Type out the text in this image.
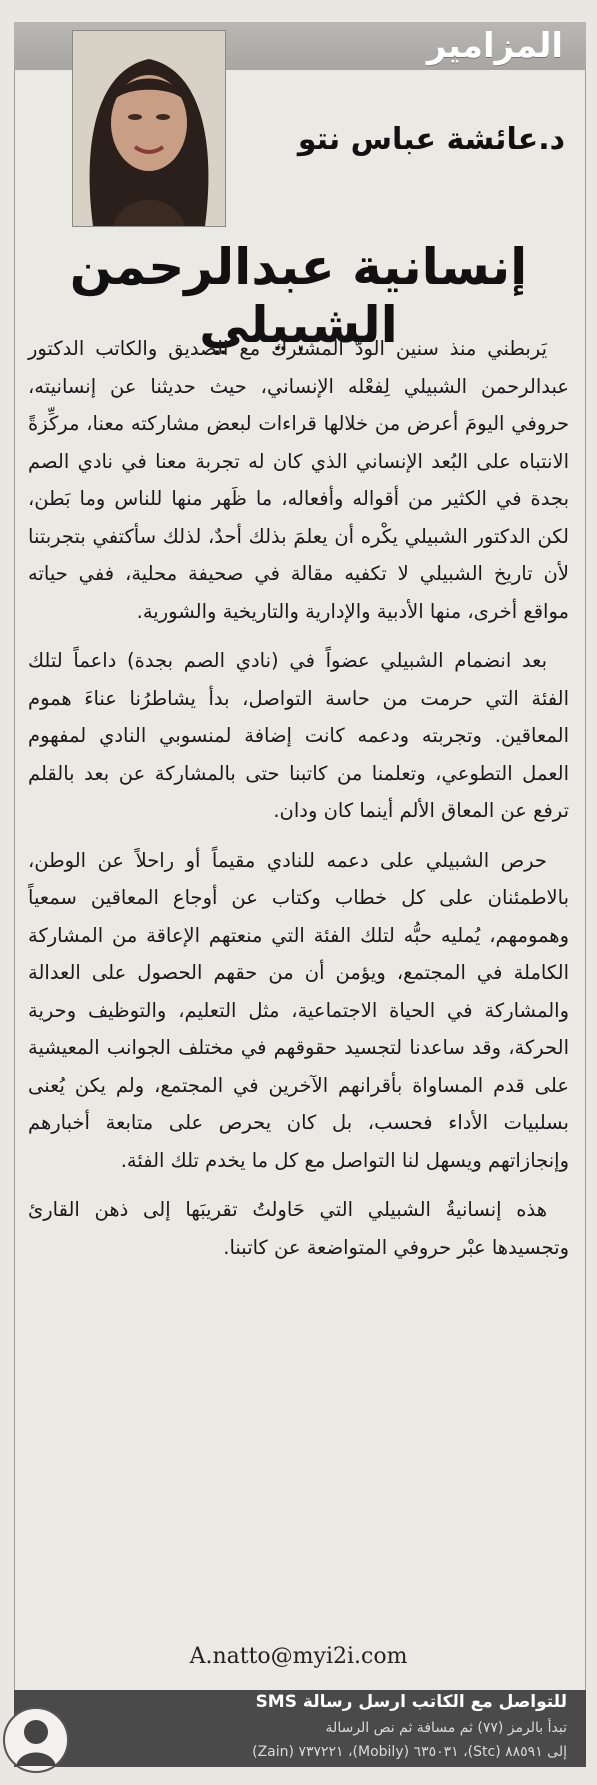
المزامير
د.عائشة عباس نتو
إنسانية عبدالرحمن الشبيلي

يَربطني منذ سنين الودّ المشترك مع الصديق والكاتب الدكتور عبدالرحمن الشبيلي لِفعْله الإنساني، حيث حديثنا عن إنسانيته، حروفي اليومَ أعرض من خلالها قراءات لبعض مشاركته معنا، مركِّزةً الانتباه على البُعد الإنساني الذي كان له تجربة معنا في نادي الصم بجدة في الكثير من أقواله وأفعاله، ما ظَهر منها للناس وما بَطن، لكن الدكتور الشبيلي يكْره أن يعلمَ بذلك أحدٌ، لذلك سأكتفي بتجربتنا لأن تاريخ الشبيلي لا تكفيه مقالة في صحيفة محلية، ففي حياته مواقع أخرى، منها الأدبية والإدارية والتاريخية والشورية.

بعد انضمام الشبيلي عضواً في (نادي الصم بجدة) داعماً لتلك الفئة التي حرمت من حاسة التواصل، بدأ يشاطرُنا عناءَ هموم المعاقين. وتجربته ودعمه كانت إضافة لمنسوبي النادي لمفهوم العمل التطوعي، وتعلمنا من كاتبنا حتى بالمشاركة عن بعد بالقلم ترفع عن المعاق الألم أينما كان ودان.

حرص الشبيلي على دعمه للنادي مقيماً أو راحلاً عن الوطن، بالاطمئنان على كل خطاب وكتاب عن أوجاع المعاقين سمعياً وهمومهم، يُمليه حبُّه لتلك الفئة التي منعتهم الإعاقة من المشاركة الكاملة في المجتمع، ويؤمن أن من حقهم الحصول على العدالة والمشاركة في الحياة الاجتماعية، مثل التعليم، والتوظيف وحرية الحركة، وقد ساعدنا لتجسيد حقوقهم في مختلف الجوانب المعيشية على قدم المساواة بأقرانهم الآخرين في المجتمع، ولم يكن يُعنى بسلبيات الأداء فحسب، بل كان يحرص على متابعة أخبارهم وإنجازاتهم ويسهل لنا التواصل مع كل ما يخدم تلك الفئة.

هذه إنسانيةُ الشبيلي التي حَاولتُ تقريبَها إلى ذهن القارئ وتجسيدها عبْر حروفي المتواضعة عن كاتبنا.

A.natto@myi2i.com
للتواصل مع الكاتب ارسل رسالة SMS
تبدأ بالرمز (٧٧) ثم مسافة ثم نص الرسالة
إلى ٨٨٥٩١ (Stc)، ٦٣٥٠٣١ (Mobily)، ٧٣٧٢٢١ (Zain)
